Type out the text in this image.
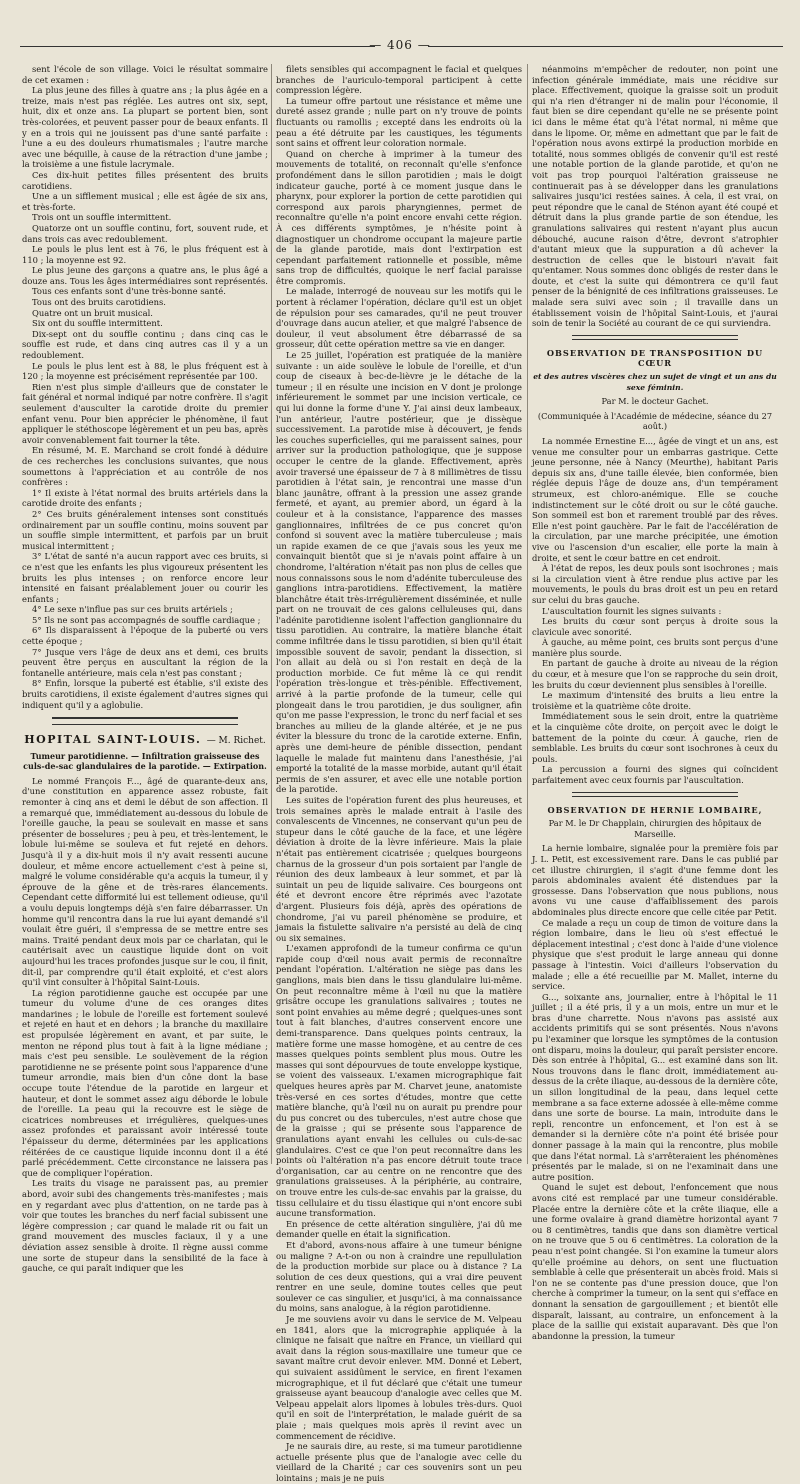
— 406 —

sent l'école de son village. Voici le résultat sommaire de cet examen :

La plus jeune des filles à quatre ans ; la plus âgée en a treize, mais n'est pas réglée. Les autres ont six, sept, huit, dix et onze ans. La plupart se portent bien, sont très-colorées, et peuvent passer pour de beaux enfants. Il y en a trois qui ne jouissent pas d'une santé parfaite : l'une a eu des douleurs rhumatismales ; l'autre marche avec une béquille, à cause de la rétraction d'une jambe ; la troisième a une fistule lacrymale.

Ces dix-huit petites filles présentent des bruits carotidiens.

Une a un sifflement musical ; elle est âgée de six ans, et très-forte.

Trois ont un souffle intermittent.

Quatorze ont un souffle continu, fort, souvent rude, et dans trois cas avec redoublement.

Le pouls le plus lent est à 76, le plus fréquent est à 110 ; la moyenne est 92.

Le plus jeune des garçons a quatre ans, le plus âgé a douze ans. Tous les âges intermédiaires sont représentés.

Tous ces enfants sont d'une très-bonne santé.

Tous ont des bruits carotidiens.

Quatre ont un bruit musical.

Six ont du souffle intermittent.

Dix-sept ont du souffle continu ; dans cinq cas le souffle est rude, et dans cinq autres cas il y a un redoublement.

Le pouls le plus lent est à 88, le plus fréquent est à 120 ; la moyenne est précisément représentée par 100.

Rien n'est plus simple d'ailleurs que de constater le fait général et normal indiqué par notre confrère. Il s'agit seulement d'ausculter la carotide droite du premier enfant venu. Pour bien apprécier le phénomène, il faut appliquer le stéthoscope légèrement et un peu bas, après avoir convenablement fait tourner la tête.

En résumé, M. E. Marchand se croit fondé à déduire de ces recherches les conclusions suivantes, que nous soumettons à l'appréciation et au contrôle de nos confrères :

1° Il existe à l'état normal des bruits artériels dans la carotide droite des enfants ;

2° Ces bruits généralement intenses sont constitués ordinairement par un souffle continu, moins souvent par un souffle simple intermittent, et parfois par un bruit musical intermittent ;

3° L'état de santé n'a aucun rapport avec ces bruits, si ce n'est que les enfants les plus vigoureux présentent les bruits les plus intenses ; on renforce encore leur intensité en faisant préalablement jouer ou courir les enfants ;

4° Le sexe n'influe pas sur ces bruits artériels ;

5° Ils ne sont pas accompagnés de souffle cardiaque ;

6° Ils disparaissent à l'époque de la puberté ou vers cette époque ;

7° Jusque vers l'âge de deux ans et demi, ces bruits peuvent être perçus en auscultant la région de la fontanelle antérieure, mais cela n'est pas constant ;

8° Enfin, lorsque la puberté est établie, s'il existe des bruits carotidiens, il existe également d'autres signes qui indiquent qu'il y a aglobulie.

HOPITAL SAINT-LOUIS. — M. Richet.
Tumeur parotidienne. — Infiltration graisseuse des culs-de-sac glandulaires de la parotide. — Extirpation.

Le nommé François F..., âgé de quarante-deux ans, d'une constitution en apparence assez robuste, fait remonter à cinq ans et demi le début de son affection. Il a remarqué que, immédiatement au-dessous du lobule de l'oreille gauche, la peau se soulevait en masse et sans présenter de bosselures ; peu à peu, et très-lentement, le lobule lui-même se souleva et fut rejeté en dehors. Jusqu'à il y a dix-huit mois il n'y avait ressenti aucune douleur, et même encore actuellement c'est à peine si, malgré le volume considérable qu'a acquis la tumeur, il y éprouve de la gêne et de très-rares élancements. Cependant cette difformité lui est tellement odieuse, qu'il a voulu depuis longtemps déjà s'en faire débarrasser. Un homme qu'il rencontra dans la rue lui ayant demandé s'il voulait être guéri, il s'empressa de se mettre entre ses mains. Traité pendant deux mois par ce charlatan, qui le cautérisait avec un caustique liquide dont on voit aujourd'hui les traces profondes jusque sur le cou, il finit, dit-il, par comprendre qu'il était exploité, et c'est alors qu'il vint consulter à l'hôpital Saint-Louis.

La région parotidienne gauche est occupée par une tumeur du volume d'une de ces oranges dites mandarines ; le lobule de l'oreille est fortement soulevé et rejeté en haut et en dehors ; la branche du maxillaire est propulsée légèrement en avant, et par suite, le menton ne répond plus tout à fait à la ligne médiane ; mais c'est peu sensible. Le soulèvement de la région parotidienne ne se présente point sous l'apparence d'une tumeur arrondie, mais bien d'un cône dont la base occupe toute l'étendue de la parotide en largeur et hauteur, et dont le sommet assez aigu déborde le lobule de l'oreille. La peau qui la recouvre est le siège de cicatrices nombreuses et irrégulières, quelques-unes assez profondes et paraissant avoir intéressé toute l'épaisseur du derme, déterminées par les applications réitérées de ce caustique liquide inconnu dont il a été parlé précédemment. Cette circonstance ne laissera pas que de compliquer l'opération.

Les traits du visage ne paraissent pas, au premier abord, avoir subi des changements très-manifestes ; mais en y regardant avec plus d'attention, on ne tarde pas à voir que toutes les branches du nerf facial subissent une légère compression ; car quand le malade rit ou fait un grand mouvement des muscles faciaux, il y a une déviation assez sensible à droite. Il règne aussi comme une sorte de stupeur dans la sensibilité de la face à gauche, ce qui paraît indiquer que les

filets sensibles qui accompagnent le facial et quelques branches de l'auriculo-temporal participent à cette compression légère.

La tumeur offre partout une résistance et même une dureté assez grande ; nulle part on n'y trouve de points fluctuants ou ramollis ; excepté dans les endroits où la peau a été détruite par les caustiques, les téguments sont sains et offrent leur coloration normale.

Quand on cherche à imprimer à la tumeur des mouvements de totalité, on reconnaît qu'elle s'enfonce profondément dans le sillon parotidien ; mais le doigt indicateur gauche, porté à ce moment jusque dans le pharynx, pour explorer la portion de cette parotidien qui correspond aux parois pharyngiennes, permet de reconnaître qu'elle n'a point encore envahi cette région. À ces différents symptômes, je n'hésite point à diagnostiquer un chondrome occupant la majeure partie de la glande parotide, mais dont l'extirpation est cependant parfaitement rationnelle et possible, même sans trop de difficultés, quoique le nerf facial paraisse être compromis.

Le malade, interrogé de nouveau sur les motifs qui le portent à réclamer l'opération, déclare qu'il est un objet de répulsion pour ses camarades, qu'il ne peut trouver d'ouvrage dans aucun atelier, et que malgré l'absence de douleur, il veut absolument être débarrassé de sa grosseur, dût cette opération mettre sa vie en danger.

Le 25 juillet, l'opération est pratiquée de la manière suivante : un aide soulève le lobule de l'oreille, et d'un coup de ciseaux à bec-de-lièvre je le détache de la tumeur ; il en résulte une incision en V dont je prolonge inférieurement le sommet par une incision verticale, ce qui lui donne la forme d'une Y. J'ai ainsi deux lambeaux, l'un antérieur, l'autre postérieur, que je dissèque successivement. La parotide mise à découvert, je fends les couches superficielles, qui me paraissent saines, pour arriver sur la production pathologique, que je suppose occuper le centre de la glande. Effectivement, après avoir traversé une épaisseur de 7 à 8 millimètres de tissu parotidien à l'état sain, je rencontrai une masse d'un blanc jaunâtre, offrant à la pression une assez grande fermeté, et ayant, au premier abord, un égard à la couleur et à la consistance, l'apparence des masses ganglionnaires, infiltrées de ce pus concret qu'on confond si souvent avec la matière tuberculeuse ; mais un rapide examen de ce que j'avais sous les yeux me convainquit bientôt que si je n'avais point affaire à un chondrome, l'altération n'était pas non plus de celles que nous connaissons sous le nom d'adénite tuberculeuse des ganglions intra-parotidiens. Effectivement, la matière blanchâtre était très-irrégulièrement disséminée, et nulle part on ne trouvait de ces galons celluleuses qui, dans l'adénite parotidienne isolent l'affection ganglionnaire du tissu parotidien. Au contraire, la matière blanche était comme infiltrée dans le tissu parotidien, si bien qu'il était impossible souvent de savoir, pendant la dissection, si l'on allait au delà ou si l'on restait en deçà de la production morbide. Ce fut même là ce qui rendit l'opération très-longue et très-pénible. Effectivement, arrivé à la partie profonde de la tumeur, celle qui plongeait dans le trou parotidien, je dus souligner, afin qu'on me passe l'expression, le tronc du nerf facial et ses branches au milieu de la glande altérée, et je ne pus éviter la blessure du tronc de la carotide externe. Enfin, après une demi-heure de pénible dissection, pendant laquelle le malade fut maintenu dans l'anesthésie, j'ai emporté la totalité de la masse morbide, autant qu'il était permis de s'en assurer, et avec elle une notable portion de la parotide.

Les suites de l'opération furent des plus heureuses, et trois semaines après le malade entrait à l'asile des convalescents de Vincennes, ne conservant qu'un peu de stupeur dans le côté gauche de la face, et une légère déviation à droite de la lèvre inférieure. Mais la plaie n'était pas entièrement cicatrisée ; quelques bourgeons charnus de la grosseur d'un pois sortaient par l'angle de réunion des deux lambeaux à leur sommet, et par là suintait un peu de liquide salivaire. Ces bourgeons ont été et devront encore être réprimés avec l'azotate d'argent. Plusieurs fois déjà, après des opérations de chondrome, j'ai vu pareil phénomène se produire, et jamais la fistulette salivaire n'a persisté au delà de cinq ou six semaines.

L'examen approfondi de la tumeur confirma ce qu'un rapide coup d'œil nous avait permis de reconnaître pendant l'opération. L'altération ne siège pas dans les ganglions, mais bien dans le tissu glandulaire lui-même. On peut reconnaître même à l'œil nu que la matière grisâtre occupe les granulations salivaires ; toutes ne sont point envahies au même degré ; quelques-unes sont tout à fait blanches, d'autres conservent encore une demi-transparence. Dans quelques points centraux, la matière forme une masse homogène, et au centre de ces masses quelques points semblent plus mous. Outre les masses qui sont dépourvues de toute enveloppe kystique, se voient des vaisseaux. L'examen micrographique fait quelques heures après par M. Charvet jeune, anatomiste très-versé en ces sortes d'études, montre que cette matière blanche, qu'à l'œil nu on aurait pu prendre pour du pus concret ou des tubercules, n'est autre chose que de la graisse ; qui se présente sous l'apparence de granulations ayant envahi les cellules ou culs-de-sac glandulaires. C'est ce que l'on peut reconnaître dans les points où l'altération n'a pas encore détruit toute trace d'organisation, car au centre on ne rencontre que des granulations graisseuses. À la périphérie, au contraire, on trouve entre les culs-de-sac envahis par la graisse, du tissu cellulaire et du tissu élastique qui n'ont encore subi aucune transformation.

En présence de cette altération singulière, j'ai dû me demander quelle en était la signification.

Et d'abord, avons-nous affaire à une tumeur bénigne ou maligne ? A-t-on ou non à craindre une repullulation de la production morbide sur place ou à distance ? La solution de ces deux questions, qui a vrai dire peuvent rentrer en une seule, domine toutes celles que peut soulever ce cas singulier, et jusqu'ici, à ma connaissance du moins, sans analogue, à la région parotidienne.

Je me souviens avoir vu dans le service de M. Velpeau en 1841, alors que la micrographie appliquée à la clinique ne faisait que naître en France, un vieillard qui avait dans la région sous-maxillaire une tumeur que ce savant maître crut devoir enlever. MM. Donné et Lebert, qui suivaient assidûment le service, en firent l'examen micrographique, et il fut déclaré que c'était une tumeur graisseuse ayant beaucoup d'analogie avec celles que M. Velpeau appelait alors lipomes à lobules très-durs. Quoi qu'il en soit de l'interprétation, le malade guérit de sa plaie ; mais quelques mois après il revint avec un commencement de récidive.

Je ne saurais dire, au reste, si ma tumeur parotidienne actuelle présente plus que de l'analogie avec celle du vieillard de la Charité ; car ces souvenirs sont un peu lointains ; mais je ne puis

néanmoins m'empêcher de redouter, non point une infection générale immédiate, mais une récidive sur place. Effectivement, quoique la graisse soit un produit qui n'a rien d'étranger ni de malin pour l'économie, il faut bien se dire cependant qu'elle ne se présente point ici dans le même état qu'à l'état normal, ni même que dans le lipome. Or, même en admettant que par le fait de l'opération nous avons extirpé la production morbide en totalité, nous sommes obligés de convenir qu'il est resté une notable portion de la glande parotide, et qu'on ne voit pas trop pourquoi l'altération graisseuse ne continuerait pas à se développer dans les granulations salivaires jusqu'ici restées saines. À cela, il est vrai, on peut répondre que le canal de Sténon ayant été coupé et détruit dans la plus grande partie de son étendue, les granulations salivaires qui restent n'ayant plus aucun débouché, aucune raison d'être, devront s'atrophier d'autant mieux que la suppuration a dû achever la destruction de celles que le bistouri n'avait fait qu'entamer. Nous sommes donc obligés de rester dans le doute, et c'est la suite qui démontrera ce qu'il faut penser de la bénignité de ces infiltrations graisseuses. Le malade sera suivi avec soin ; il travaille dans un établissement voisin de l'hôpital Saint-Louis, et j'aurai soin de tenir la Société au courant de ce qui surviendra.

OBSERVATION DE TRANSPOSITION DU CŒUR
et des autres viscères chez un sujet de vingt et un ans du sexe féminin.
Par M. le docteur Gachet.
(Communiquée à l'Académie de médecine, séance du 27 août.)

La nommée Ernestine E..., âgée de vingt et un ans, est venue me consulter pour un embarras gastrique. Cette jeune personne, née à Nancy (Meurthe), habitant Paris depuis six ans, d'une taille élevée, bien conformée, bien réglée depuis l'âge de douze ans, d'un tempérament strumeux, est chloro-anémique. Elle se couche indistinctement sur le côté droit ou sur le côté gauche. Son sommeil est bon et rarement troublé par des rêves. Elle n'est point gauchère. Par le fait de l'accélération de la circulation, par une marche précipitée, une émotion vive ou l'ascension d'un escalier, elle porte la main à droite, et sent le cœur battre en cet endroit.

À l'état de repos, les deux pouls sont isochrones ; mais si la circulation vient à être rendue plus active par les mouvements, le pouls du bras droit est un peu en retard sur celui du bras gauche.

L'auscultation fournit les signes suivants :

Les bruits du cœur sont perçus à droite sous la clavicule avec sonorité.

À gauche, au même point, ces bruits sont perçus d'une manière plus sourde.

En partant de gauche à droite au niveau de la région du cœur, et à mesure que l'on se rapproche du sein droit, les bruits du cœur deviennent plus sensibles à l'oreille.

Le maximum d'intensité des bruits a lieu entre la troisième et la quatrième côte droite.

Immédiatement sous le sein droit, entre la quatrième et la cinquième côte droite, on perçoit avec le doigt le battement de la pointe du cœur. À gauche, rien de semblable. Les bruits du cœur sont isochrones à ceux du pouls.

La percussion a fourni des signes qui coïncident parfaitement avec ceux fournis par l'auscultation.

OBSERVATION DE HERNIE LOMBAIRE,
Par M. le Dr Chapplain, chirurgien des hôpitaux de Marseille.

La hernie lombaire, signalée pour la première fois par J. L. Petit, est excessivement rare. Dans le cas publié par cet illustre chirurgien, il s'agit d'une femme dont les parois abdominales avaient été distendues par la grossesse. Dans l'observation que nous publions, nous avons vu une cause d'affaiblissement des parois abdominales plus directe encore que celle citée par Petit.

Ce malade a reçu un coup de timon de voiture dans la région lombaire, dans le lieu où s'est effectué le déplacement intestinal ; c'est donc à l'aide d'une violence physique que s'est produit le large anneau qui donne passage à l'intestin. Voici d'ailleurs l'observation du malade ; elle a été recueillie par M. Mallet, interne du service.

G..., soixante ans, journalier, entre à l'hôpital le 11 juillet ; il a été pris, il y a un mois, entre un mur et le bras d'une charrette. Nous n'avons pas assisté aux accidents primitifs qui se sont présentés. Nous n'avons pu l'examiner que lorsque les symptômes de la contusion ont disparu, moins la douleur, qui paraît persister encore. Dès son entrée à l'hôpital, G... est examiné dans son lit. Nous trouvons dans le flanc droit, immédiatement au-dessus de la crête iliaque, au-dessous de la dernière côte, un sillon longitudinal de la peau, dans lequel cette membrane a sa face externe adossée à elle-même comme dans une sorte de bourse. La main, introduite dans le repli, rencontre un enfoncement, et l'on est à se demander si la dernière côte n'a point été brisée pour donner passage à la main qui la rencontre, plus mobile que dans l'état normal. Là s'arrêteraient les phénomènes présentés par le malade, si on ne l'examinait dans une autre position.

Quand le sujet est debout, l'enfoncement que nous avons cité est remplacé par une tumeur considérable. Placée entre la dernière côte et la crête iliaque, elle a une forme ovalaire à grand diamètre horizontal ayant 7 ou 8 centimètres, tandis que dans son diamètre vertical on ne trouve que 5 ou 6 centimètres. La coloration de la peau n'est point changée. Si l'on examine la tumeur alors qu'elle proémine au dehors, on sent une fluctuation semblable à celle que présenterait un abcès froid. Mais si l'on ne se contente pas d'une pression douce, que l'on cherche à comprimer la tumeur, on la sent qui s'efface en donnant la sensation de gargouillement ; et bientôt elle disparaît, laissant, au contraire, un enfoncement à la place de la saillie qui existait auparavant. Dès que l'on abandonne la pression, la tumeur
